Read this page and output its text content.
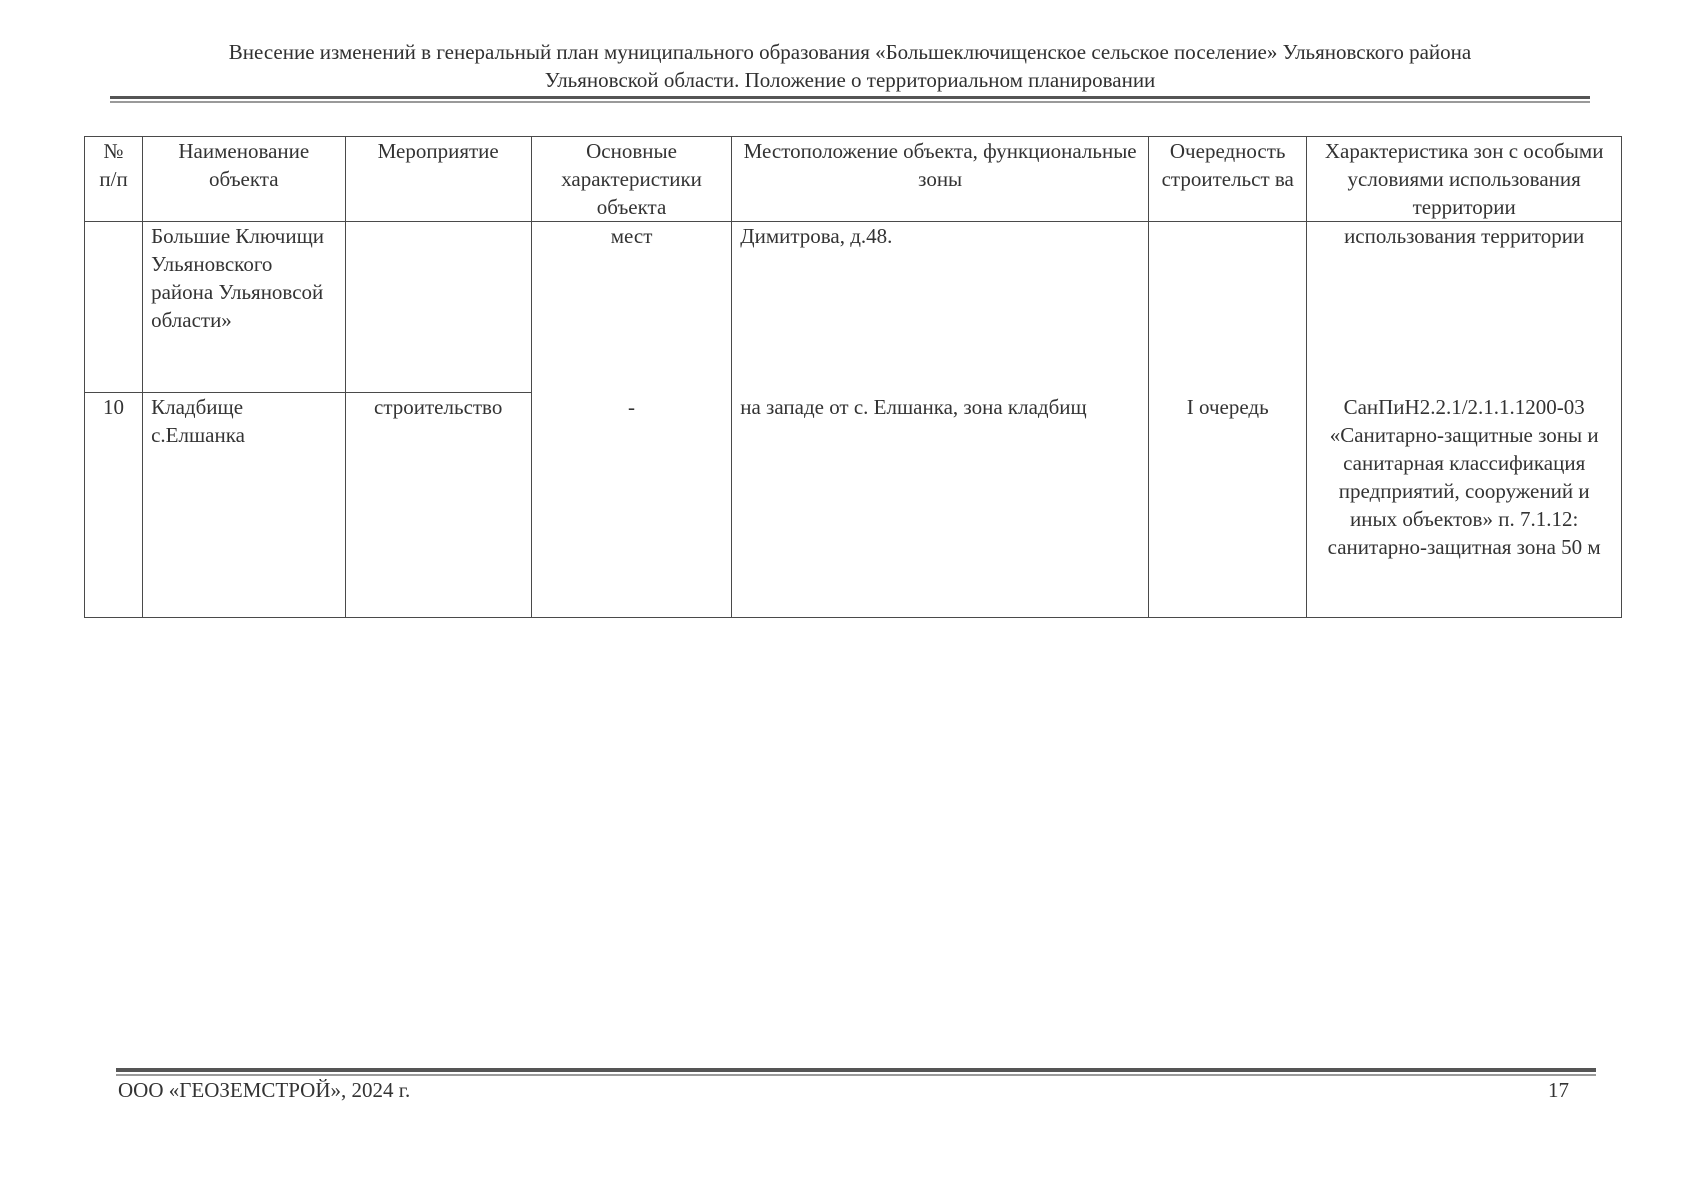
Внесение изменений в генеральный план муниципального образования «Большеключищенское сельское поселение» Ульяновского района
Ульяновской области. Положение о территориальном планировании
№ п/п	Наименование объекта	Мероприятие	Основные характеристики объекта	Местоположение объекта, функциональные зоны	Очередность строительст ва	Характеристика зон с особыми условиями использования территории
	Большие Ключищи Ульяновского района Ульяновсой области»		мест	Димитрова, д.48.		использования территории
10	Кладбище с.Елшанка	строительство	-	на западе от с. Елшанка, зона кладбищ	I очередь	СанПиН2.2.1/2.1.1.1200-03 «Санитарно-защитные зоны и санитарная классификация предприятий, сооружений и иных объектов» п. 7.1.12: санитарно-защитная зона 50 м
ООО «ГЕОЗЕМСТРОЙ», 2024 г.	17
